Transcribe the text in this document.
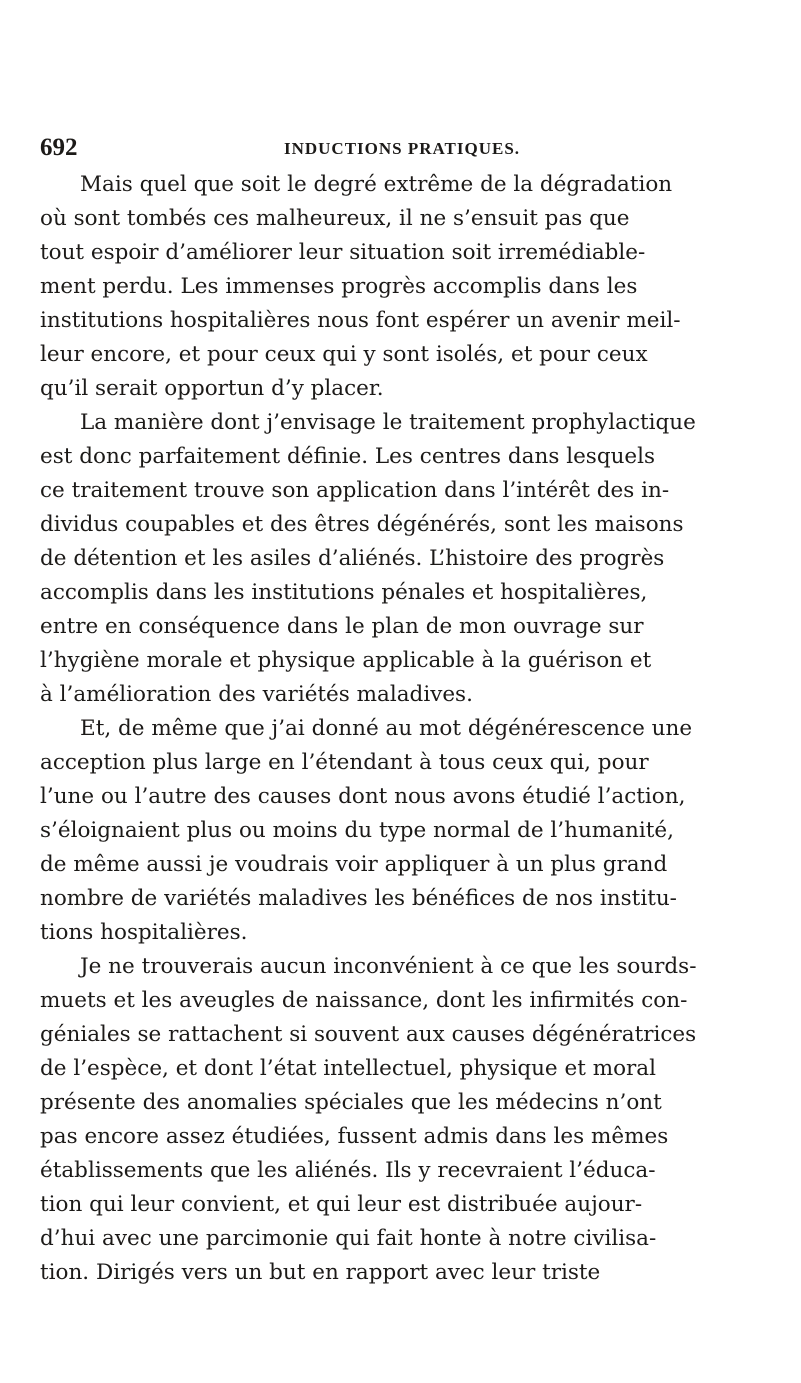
692	INDUCTIONS PRATIQUES.
Mais quel que soit le degré extrême de la dégradation
où sont tombés ces malheureux, il ne s’ensuit pas que
tout espoir d’améliorer leur situation soit irremédiable-
ment perdu. Les immenses progrès accomplis dans les
institutions hospitalières nous font espérer un avenir meil-
leur encore, et pour ceux qui y sont isolés, et pour ceux
qu’il serait opportun d’y placer.
La manière dont j’envisage le traitement prophylactique
est donc parfaitement définie. Les centres dans lesquels
ce traitement trouve son application dans l’intérêt des in-
dividus coupables et des êtres dégénérés, sont les maisons
de détention et les asiles d’aliénés. L’histoire des progrès
accomplis dans les institutions pénales et hospitalières,
entre en conséquence dans le plan de mon ouvrage sur
l’hygiène morale et physique applicable à la guérison et
à l’amélioration des variétés maladives.
Et, de même que j’ai donné au mot dégénérescence une
acception plus large en l’étendant à tous ceux qui, pour
l’une ou l’autre des causes dont nous avons étudié l’action,
s’éloignaient plus ou moins du type normal de l’humanité,
de même aussi je voudrais voir appliquer à un plus grand
nombre de variétés maladives les bénéfices de nos institu-
tions hospitalières.
Je ne trouverais aucun inconvénient à ce que les sourds-
muets et les aveugles de naissance, dont les infirmités con-
géniales se rattachent si souvent aux causes dégénératrices
de l’espèce, et dont l’état intellectuel, physique et moral
présente des anomalies spéciales que les médecins n’ont
pas encore assez étudiées, fussent admis dans les mêmes
établissements que les aliénés. Ils y recevraient l’éduca-
tion qui leur convient, et qui leur est distribuée aujour-
d’hui avec une parcimonie qui fait honte à notre civilisa-
tion. Dirigés vers un but en rapport avec leur triste
